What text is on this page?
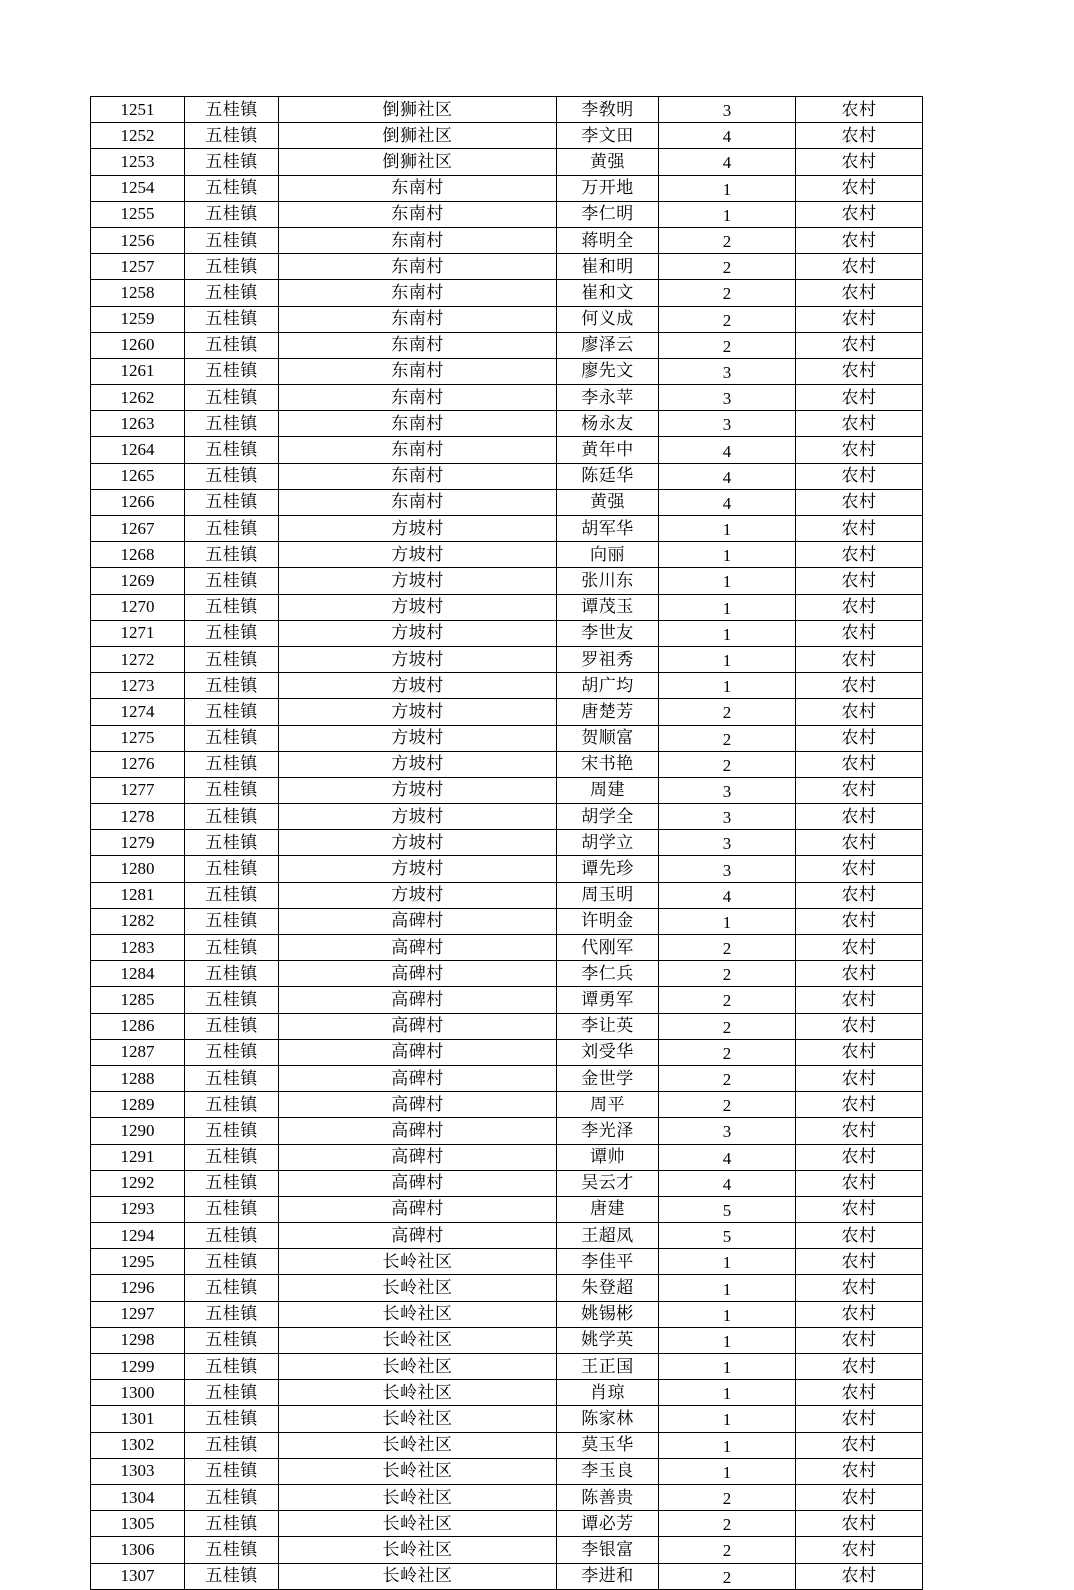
1251	五桂镇	倒狮社区	李敎明	3	农村
1252	五桂镇	倒狮社区	李文田	4	农村
1253	五桂镇	倒狮社区	黄强	4	农村
1254	五桂镇	东南村	万开地	1	农村
1255	五桂镇	东南村	李仁明	1	农村
1256	五桂镇	东南村	蒋明全	2	农村
1257	五桂镇	东南村	崔和明	2	农村
1258	五桂镇	东南村	崔和文	2	农村
1259	五桂镇	东南村	何义成	2	农村
1260	五桂镇	东南村	廖泽云	2	农村
1261	五桂镇	东南村	廖先文	3	农村
1262	五桂镇	东南村	李永苹	3	农村
1263	五桂镇	东南村	杨永友	3	农村
1264	五桂镇	东南村	黄年中	4	农村
1265	五桂镇	东南村	陈廷华	4	农村
1266	五桂镇	东南村	黄强	4	农村
1267	五桂镇	方坡村	胡军华	1	农村
1268	五桂镇	方坡村	向丽	1	农村
1269	五桂镇	方坡村	张川东	1	农村
1270	五桂镇	方坡村	谭茂玉	1	农村
1271	五桂镇	方坡村	李世友	1	农村
1272	五桂镇	方坡村	罗祖秀	1	农村
1273	五桂镇	方坡村	胡广均	1	农村
1274	五桂镇	方坡村	唐楚芳	2	农村
1275	五桂镇	方坡村	贺顺富	2	农村
1276	五桂镇	方坡村	宋书艳	2	农村
1277	五桂镇	方坡村	周建	3	农村
1278	五桂镇	方坡村	胡学全	3	农村
1279	五桂镇	方坡村	胡学立	3	农村
1280	五桂镇	方坡村	谭先珍	3	农村
1281	五桂镇	方坡村	周玉明	4	农村
1282	五桂镇	高碑村	许明金	1	农村
1283	五桂镇	高碑村	代刚军	2	农村
1284	五桂镇	高碑村	李仁兵	2	农村
1285	五桂镇	高碑村	谭勇军	2	农村
1286	五桂镇	高碑村	李让英	2	农村
1287	五桂镇	高碑村	刘受华	2	农村
1288	五桂镇	高碑村	金世学	2	农村
1289	五桂镇	高碑村	周平	2	农村
1290	五桂镇	高碑村	李光泽	3	农村
1291	五桂镇	高碑村	谭帅	4	农村
1292	五桂镇	高碑村	吴云才	4	农村
1293	五桂镇	高碑村	唐建	5	农村
1294	五桂镇	高碑村	王超凤	5	农村
1295	五桂镇	长岭社区	李佳平	1	农村
1296	五桂镇	长岭社区	朱登超	1	农村
1297	五桂镇	长岭社区	姚锡彬	1	农村
1298	五桂镇	长岭社区	姚学英	1	农村
1299	五桂镇	长岭社区	王正国	1	农村
1300	五桂镇	长岭社区	肖琼	1	农村
1301	五桂镇	长岭社区	陈家林	1	农村
1302	五桂镇	长岭社区	莫玉华	1	农村
1303	五桂镇	长岭社区	李玉良	1	农村
1304	五桂镇	长岭社区	陈善贵	2	农村
1305	五桂镇	长岭社区	谭必芳	2	农村
1306	五桂镇	长岭社区	李银富	2	农村
1307	五桂镇	长岭社区	李进和	2	农村
